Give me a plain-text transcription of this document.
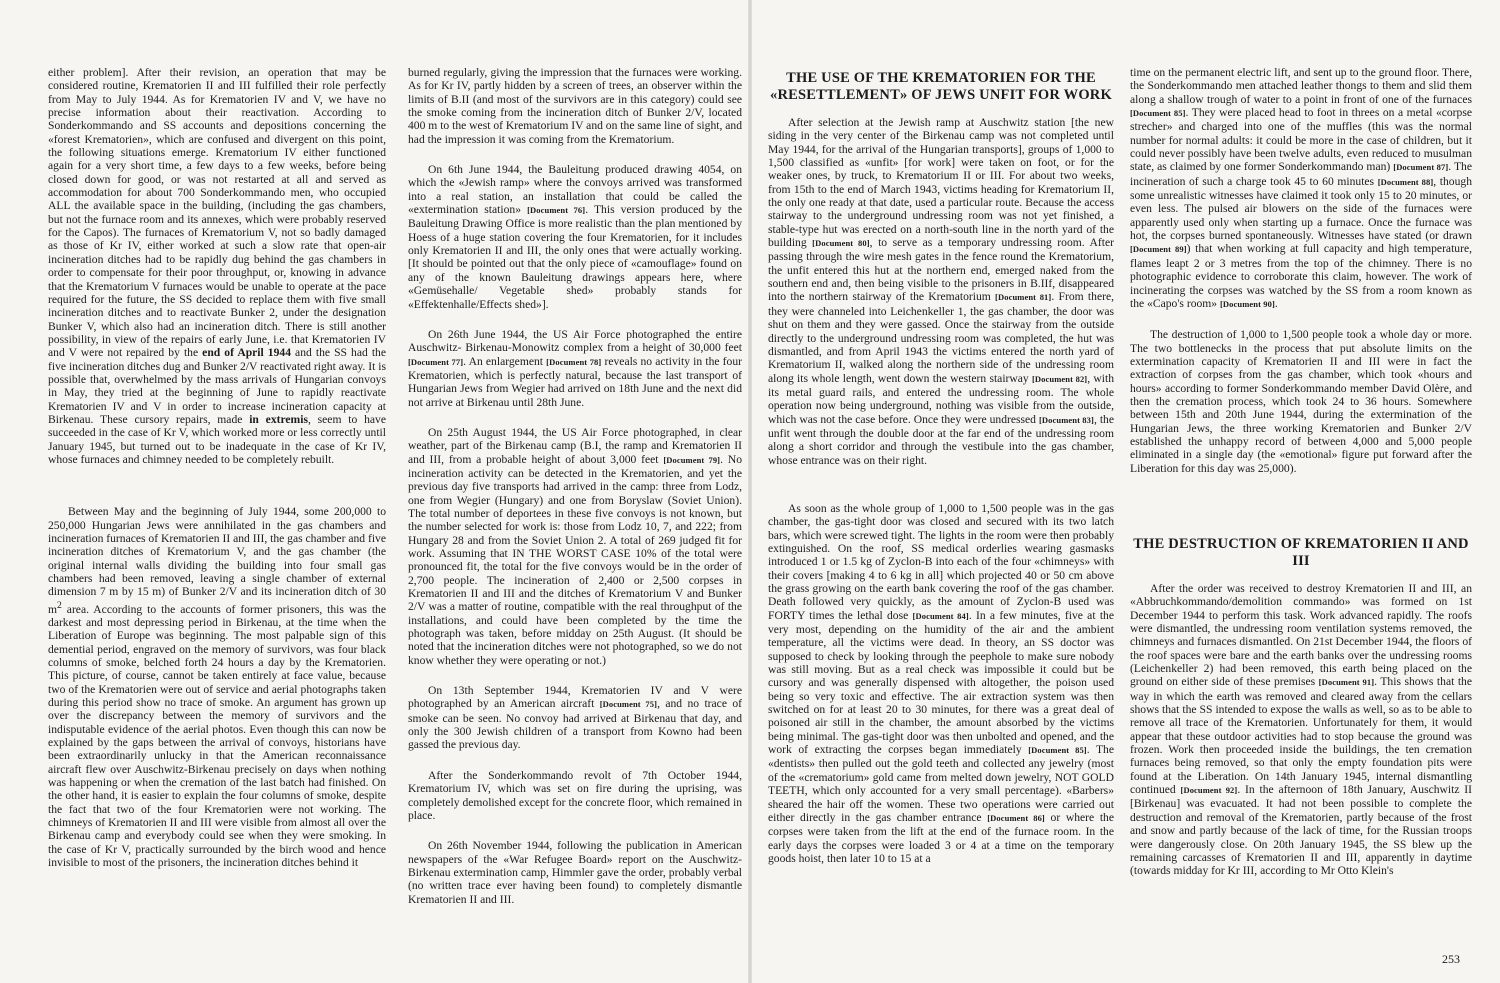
either problem]. After their revision, an operation that may be considered routine, Krematorien II and III fulfilled their role perfectly from May to July 1944. As for Krematorien IV and V, we have no precise information about their reactivation. According to Sonderkommando and SS accounts and depositions concerning the «forest Krematorien», which are confused and divergent on this point, the following situations emerge. Krematorium IV either functioned again for a very short time, a few days to a few weeks, before being closed down for good, or was not restarted at all and served as accommodation for about 700 Sonderkommando men, who occupied ALL the available space in the building, (including the gas chambers, but not the furnace room and its annexes, which were probably reserved for the Capos). The furnaces of Krematorium V, not so badly damaged as those of Kr IV, either worked at such a slow rate that open-air incineration ditches had to be rapidly dug behind the gas chambers in order to compensate for their poor throughput, or, knowing in advance that the Krematorium V furnaces would be unable to operate at the pace required for the future, the SS decided to replace them with five small incineration ditches and to reactivate Bunker 2, under the designation Bunker V, which also had an incineration ditch. There is still another possibility, in view of the repairs of early June, i.e. that Krematorien IV and V were not repaired by the end of April 1944 and the SS had the five incineration ditches dug and Bunker 2/V reactivated right away. It is possible that, overwhelmed by the mass arrivals of Hungarian convoys in May, they tried at the beginning of June to rapidly reactivate Krematorien IV and V in order to increase incineration capacity at Birkenau. These cursory repairs, made in extremis, seem to have succeeded in the case of Kr V, which worked more or less correctly until January 1945, but turned out to be inadequate in the case of Kr IV, whose furnaces and chimney needed to be completely rebuilt.

Between May and the beginning of July 1944, some 200,000 to 250,000 Hungarian Jews were annihilated in the gas chambers and incineration furnaces of Krematorien II and III, the gas chamber and five incineration ditches of Krematorium V, and the gas chamber (the original internal walls dividing the building into four small gas chambers had been removed, leaving a single chamber of external dimension 7 m by 15 m) of Bunker 2/V and its incineration ditch of 30 $m^2$ area. According to the accounts of former prisoners, this was the darkest and most depressing period in Birkenau, at the time when the Liberation of Europe was beginning. The most palpable sign of this demential period, engraved on the memory of survivors, was four black columns of smoke, belched forth 24 hours a day by the Krematorien. This picture, of course, cannot be taken entirely at face value, because two of the Krematorien were out of service and aerial photographs taken during this period show no trace of smoke. An argument has grown up over the discrepancy between the memory of survivors and the indisputable evidence of the aerial photos. Even though this can now be explained by the gaps between the arrival of convoys, historians have been extraordinarily unlucky in that the American reconnaissance aircraft flew over Auschwitz-Birkenau precisely on days when nothing was happening or when the cremation of the last batch had finished. On the other hand, it is easier to explain the four columns of smoke, despite the fact that two of the four Krematorien were not working. The chimneys of Krematorien II and III were visible from almost all over the Birkenau camp and everybody could see when they were smoking. In the case of Kr V, practically surrounded by the birch wood and hence invisible to most of the prisoners, the incineration ditches behind it

burned regularly, giving the impression that the furnaces were working. As for Kr IV, partly hidden by a screen of trees, an observer within the limits of B.II (and most of the survivors are in this category) could see the smoke coming from the incineration ditch of Bunker 2/V, located 400 m to the west of Krematorium IV and on the same line of sight, and had the impression it was coming from the Krematorium.

On 6th June 1944, the Bauleitung produced drawing 4054, on which the «Jewish ramp» where the convoys arrived was transformed into a real station, an installation that could be called the «extermination station» [Document 76]. This version produced by the Bauleitung Drawing Office is more realistic than the plan mentioned by Hoess of a huge station covering the four Krematorien, for it includes only Krematorien II and III, the only ones that were actually working. [It should be pointed out that the only piece of «camouflage» found on any of the known Bauleitung drawings appears here, where «Gemüsehalle/ Vegetable shed» probably stands for «Effektenhalle/Effects shed»].

On 26th June 1944, the US Air Force photographed the entire Auschwitz- Birkenau-Monowitz complex from a height of 30,000 feet [Document 77]. An enlargement [Document 78] reveals no activity in the four Krematorien, which is perfectly natural, because the last transport of Hungarian Jews from Wegier had arrived on 18th June and the next did not arrive at Birkenau until 28th June.

On 25th August 1944, the US Air Force photographed, in clear weather, part of the Birkenau camp (B.I, the ramp and Krematorien II and III, from a probable height of about 3,000 feet [Document 79]. No incineration activity can be detected in the Krematorien, and yet the previous day five transports had arrived in the camp: three from Lodz, one from Wegier (Hungary) and one from Boryslaw (Soviet Union). The total number of deportees in these five convoys is not known, but the number selected for work is: those from Lodz 10, 7, and 222; from Hungary 28 and from the Soviet Union 2. A total of 269 judged fit for work. Assuming that IN THE WORST CASE 10% of the total were pronounced fit, the total for the five convoys would be in the order of 2,700 people. The incineration of 2,400 or 2,500 corpses in Krematorien II and III and the ditches of Krematorium V and Bunker 2/V was a matter of routine, compatible with the real throughput of the installations, and could have been completed by the time the photograph was taken, before midday on 25th August. (It should be noted that the incineration ditches were not photographed, so we do not know whether they were operating or not.)

On 13th September 1944, Krematorien IV and V were photographed by an American aircraft [Document 75], and no trace of smoke can be seen. No convoy had arrived at Birkenau that day, and only the 300 Jewish children of a transport from Kowno had been gassed the previous day.

After the Sonderkommando revolt of 7th October 1944, Krematorium IV, which was set on fire during the uprising, was completely demolished except for the concrete floor, which remained in place.

On 26th November 1944, following the publication in American newspapers of the «War Refugee Board» report on the Auschwitz-Birkenau extermination camp, Himmler gave the order, probably verbal (no written trace ever having been found) to completely dismantle Krematorien II and III.

THE USE OF THE KREMATORIEN FOR THE «RESETTLEMENT» OF JEWS UNFIT FOR WORK

After selection at the Jewish ramp at Auschwitz station [the new siding in the very center of the Birkenau camp was not completed until May 1944, for the arrival of the Hungarian transports], groups of 1,000 to 1,500 classified as «unfit» [for work] were taken on foot, or for the weaker ones, by truck, to Krematorium II or III. For about two weeks, from 15th to the end of March 1943, victims heading for Krematorium II, the only one ready at that date, used a particular route. Because the access stairway to the underground undressing room was not yet finished, a stable-type hut was erected on a north-south line in the north yard of the building [Document 80], to serve as a temporary undressing room. After passing through the wire mesh gates in the fence round the Krematorium, the unfit entered this hut at the northern end, emerged naked from the southern end and, then being visible to the prisoners in B.IIf, disappeared into the northern stairway of the Krematorium [Document 81]. From there, they were channeled into Leichenkeller 1, the gas chamber, the door was shut on them and they were gassed. Once the stairway from the outside directly to the underground undressing room was completed, the hut was dismantled, and from April 1943 the victims entered the north yard of Krematorium II, walked along the northern side of the undressing room along its whole length, went down the western stairway [Document 82], with its metal guard rails, and entered the undressing room. The whole operation now being underground, nothing was visible from the outside, which was not the case before. Once they were undressed [Document 83], the unfit went through the double door at the far end of the undressing room along a short corridor and through the vestibule into the gas chamber, whose entrance was on their right.

As soon as the whole group of 1,000 to 1,500 people was in the gas chamber, the gas-tight door was closed and secured with its two latch bars, which were screwed tight. The lights in the room were then probably extinguished. On the roof, SS medical orderlies wearing gasmasks introduced 1 or 1.5 kg of Zyclon-B into each of the four «chimneys» with their covers [making 4 to 6 kg in all] which projected 40 or 50 cm above the grass growing on the earth bank covering the roof of the gas chamber. Death followed very quickly, as the amount of Zyclon-B used was FORTY times the lethal dose [Document 84]. In a few minutes, five at the very most, depending on the humidity of the air and the ambient temperature, all the victims were dead. In theory, an SS doctor was supposed to check by looking through the peephole to make sure nobody was still moving. But as a real check was impossible it could but be cursory and was generally dispensed with altogether, the poison used being so very toxic and effective. The air extraction system was then switched on for at least 20 to 30 minutes, for there was a great deal of poisoned air still in the chamber, the amount absorbed by the victims being minimal. The gas-tight door was then unbolted and opened, and the work of extracting the corpses began immediately [Document 85]. The «dentists» then pulled out the gold teeth and collected any jewelry (most of the «crematorium» gold came from melted down jewelry, NOT GOLD TEETH, which only accounted for a very small percentage). «Barbers» sheared the hair off the women. These two operations were carried out either directly in the gas chamber entrance [Document 86] or where the corpses were taken from the lift at the end of the furnace room. In the early days the corpses were loaded 3 or 4 at a time on the temporary goods hoist, then later 10 to 15 at a

time on the permanent electric lift, and sent up to the ground floor. There, the Sonderkommando men attached leather thongs to them and slid them along a shallow trough of water to a point in front of one of the furnaces [Document 85]. They were placed head to foot in threes on a metal «corpse strecher» and charged into one of the muffles (this was the normal number for normal adults: it could be more in the case of children, but it could never possibly have been twelve adults, even reduced to musulman state, as claimed by one former Sonderkommando man) [Document 87]. The incineration of such a charge took 45 to 60 minutes [Document 88], though some unrealistic witnesses have claimed it took only 15 to 20 minutes, or even less. The pulsed air blowers on the side of the furnaces were apparently used only when starting up a furnace. Once the furnace was hot, the corpses burned spontaneously. Witnesses have stated (or drawn [Document 89]) that when working at full capacity and high temperature, flames leapt 2 or 3 metres from the top of the chimney. There is no photographic evidence to corroborate this claim, however. The work of incinerating the corpses was watched by the SS from a room known as the «Capo's room» [Document 90].

The destruction of 1,000 to 1,500 people took a whole day or more. The two bottlenecks in the process that put absolute limits on the extermination capacity of Krematorien II and III were in fact the extraction of corpses from the gas chamber, which took «hours and hours» according to former Sonderkommando member David Olère, and then the cremation process, which took 24 to 36 hours. Somewhere between 15th and 20th June 1944, during the extermination of the Hungarian Jews, the three working Krematorien and Bunker 2/V established the unhappy record of between 4,000 and 5,000 people eliminated in a single day (the «emotional» figure put forward after the Liberation for this day was 25,000).

THE DESTRUCTION OF KREMATORIEN II AND III

After the order was received to destroy Krematorien II and III, an «Abbruchkommando/demolition commando» was formed on 1st December 1944 to perform this task. Work advanced rapidly. The roofs were dismantled, the undressing room ventilation systems removed, the chimneys and furnaces dismantled. On 21st December 1944, the floors of the roof spaces were bare and the earth banks over the undressing rooms (Leichenkeller 2) had been removed, this earth being placed on the ground on either side of these premises [Document 91]. This shows that the way in which the earth was removed and cleared away from the cellars shows that the SS intended to expose the walls as well, so as to be able to remove all trace of the Krematorien. Unfortunately for them, it would appear that these outdoor activities had to stop because the ground was frozen. Work then proceeded inside the buildings, the ten cremation furnaces being removed, so that only the empty foundation pits were found at the Liberation. On 14th January 1945, internal dismantling continued [Document 92]. In the afternoon of 18th January, Auschwitz II [Birkenau] was evacuated. It had not been possible to complete the destruction and removal of the Krematorien, partly because of the frost and snow and partly because of the lack of time, for the Russian troops were dangerously close. On 20th January 1945, the SS blew up the remaining carcasses of Krematorien II and III, apparently in daytime (towards midday for Kr III, according to Mr Otto Klein's

253
